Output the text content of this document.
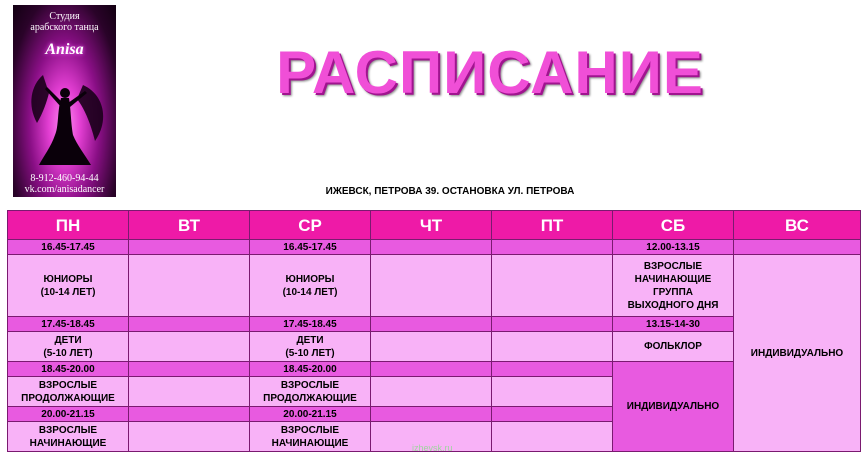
Студия
арабского танца
Anisa
8-912-460-94-44
vk.com/anisadancer
РАСПИСАНИЕ
ИЖЕВСК, ПЕТРОВА 39. ОСТАНОВКА УЛ. ПЕТРОВА
ПН	ВТ	СР	ЧТ	ПТ	СБ	ВС
16.45-17.45		16.45-17.45			12.00-13.15	
ЮНИОРЫ
(10-14 ЛЕТ)		ЮНИОРЫ
(10-14 ЛЕТ)			ВЗРОСЛЫЕ
НАЧИНАЮЩИЕ
ГРУППА
ВЫХОДНОГО ДНЯ	ИНДИВИДУАЛЬНО
17.45-18.45		17.45-18.45			13.15-14-30	
ДЕТИ
(5-10 ЛЕТ)		ДЕТИ
(5-10 ЛЕТ)			ФОЛЬКЛОР	
18.45-20.00		18.45-20.00			ИНДИВИДУАЛЬНО	
ВЗРОСЛЫЕ
ПРОДОЛЖАЮЩИЕ		ВЗРОСЛЫЕ
ПРОДОЛЖАЮЩИЕ				
20.00-21.15		20.00-21.15				
ВЗРОСЛЫЕ
НАЧИНАЮЩИЕ		ВЗРОСЛЫЕ
НАЧИНАЮЩИЕ					izhevsk.ru
